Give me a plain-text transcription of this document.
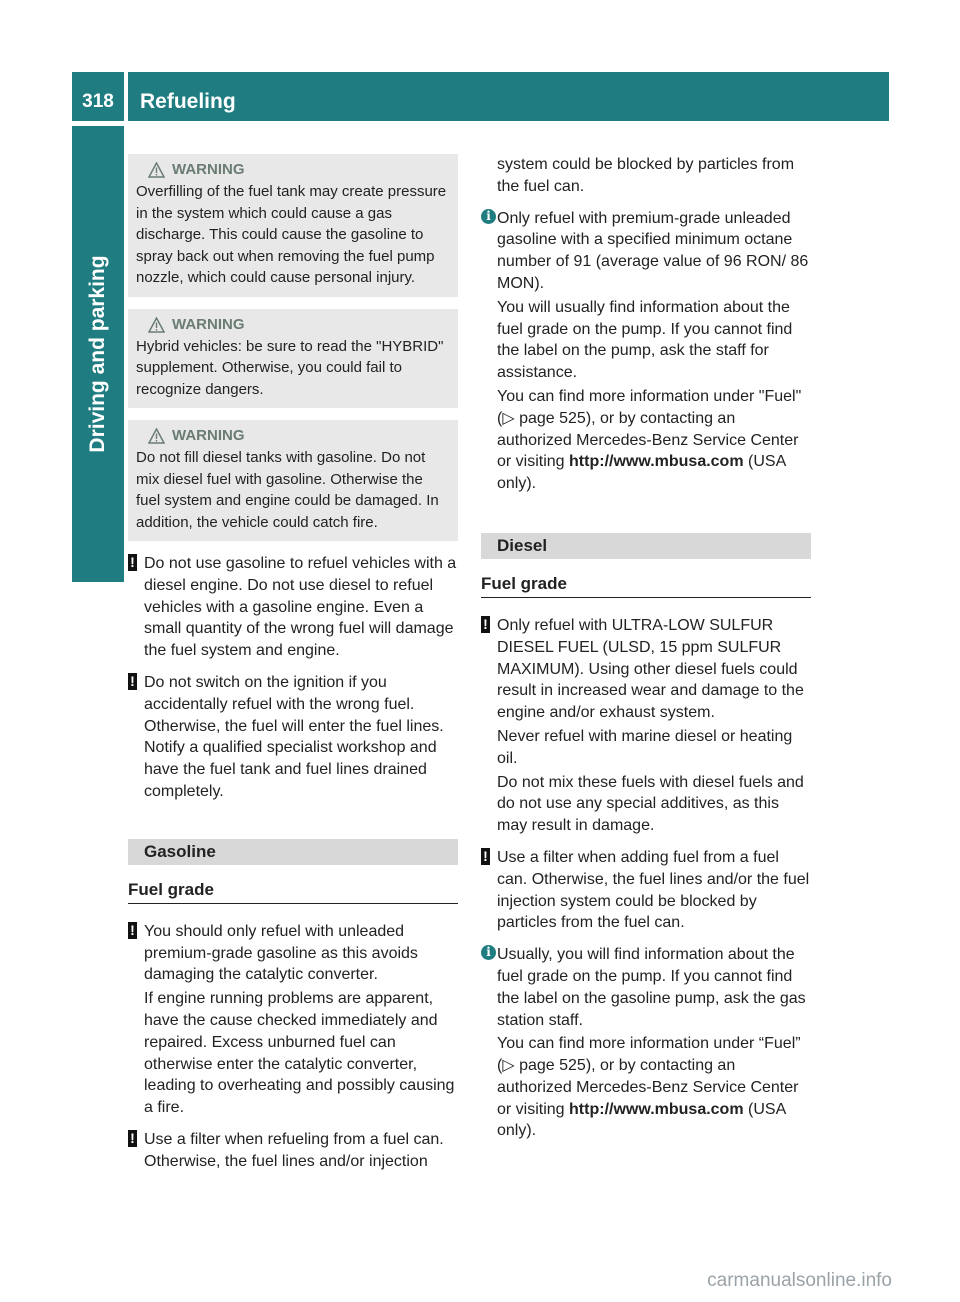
318	Refueling
Driving and parking
WARNING
Overfilling of the fuel tank may create pressure in the system which could cause a gas discharge. This could cause the gasoline to spray back out when removing the fuel pump nozzle, which could cause personal injury.
WARNING
Hybrid vehicles: be sure to read the "HYBRID" supplement. Otherwise, you could fail to recognize dangers.
WARNING
Do not fill diesel tanks with gasoline. Do not mix diesel fuel with gasoline. Otherwise the fuel system and engine could be damaged. In addition, the vehicle could catch fire.
! Do not use gasoline to refuel vehicles with a diesel engine. Do not use diesel to refuel vehicles with a gasoline engine. Even a small quantity of the wrong fuel will damage the fuel system and engine.

! Do not switch on the ignition if you accidentally refuel with the wrong fuel. Otherwise, the fuel will enter the fuel lines. Notify a qualified specialist workshop and have the fuel tank and fuel lines drained completely.

Gasoline
Fuel grade
! You should only refuel with unleaded premium-grade gasoline as this avoids damaging the catalytic converter.

If engine running problems are apparent, have the cause checked immediately and repaired. Excess unburned fuel can otherwise enter the catalytic converter, leading to overheating and possibly causing a fire.

! Use a filter when refueling from a fuel can. Otherwise, the fuel lines and/or injection

system could be blocked by particles from the fuel can.

i Only refuel with premium-grade unleaded gasoline with a specified minimum octane number of 91 (average value of 96 RON/ 86 MON).

You will usually find information about the fuel grade on the pump. If you cannot find the label on the pump, ask the staff for assistance.

You can find more information under "Fuel" (▷ page 525), or by contacting an authorized Mercedes-Benz Service Center or visiting http://www.mbusa.com (USA only).

Diesel
Fuel grade
! Only refuel with ULTRA-LOW SULFUR DIESEL FUEL (ULSD, 15 ppm SULFUR MAXIMUM). Using other diesel fuels could result in increased wear and damage to the engine and/or exhaust system.

Never refuel with marine diesel or heating oil.

Do not mix these fuels with diesel fuels and do not use any special additives, as this may result in damage.

! Use a filter when adding fuel from a fuel can. Otherwise, the fuel lines and/or the fuel injection system could be blocked by particles from the fuel can.

i Usually, you will find information about the fuel grade on the pump. If you cannot find the label on the gasoline pump, ask the gas station staff.

You can find more information under “Fuel” (▷ page 525), or by contacting an authorized Mercedes-Benz Service Center or visiting http://www.mbusa.com (USA only).

carmanualsonline.info
